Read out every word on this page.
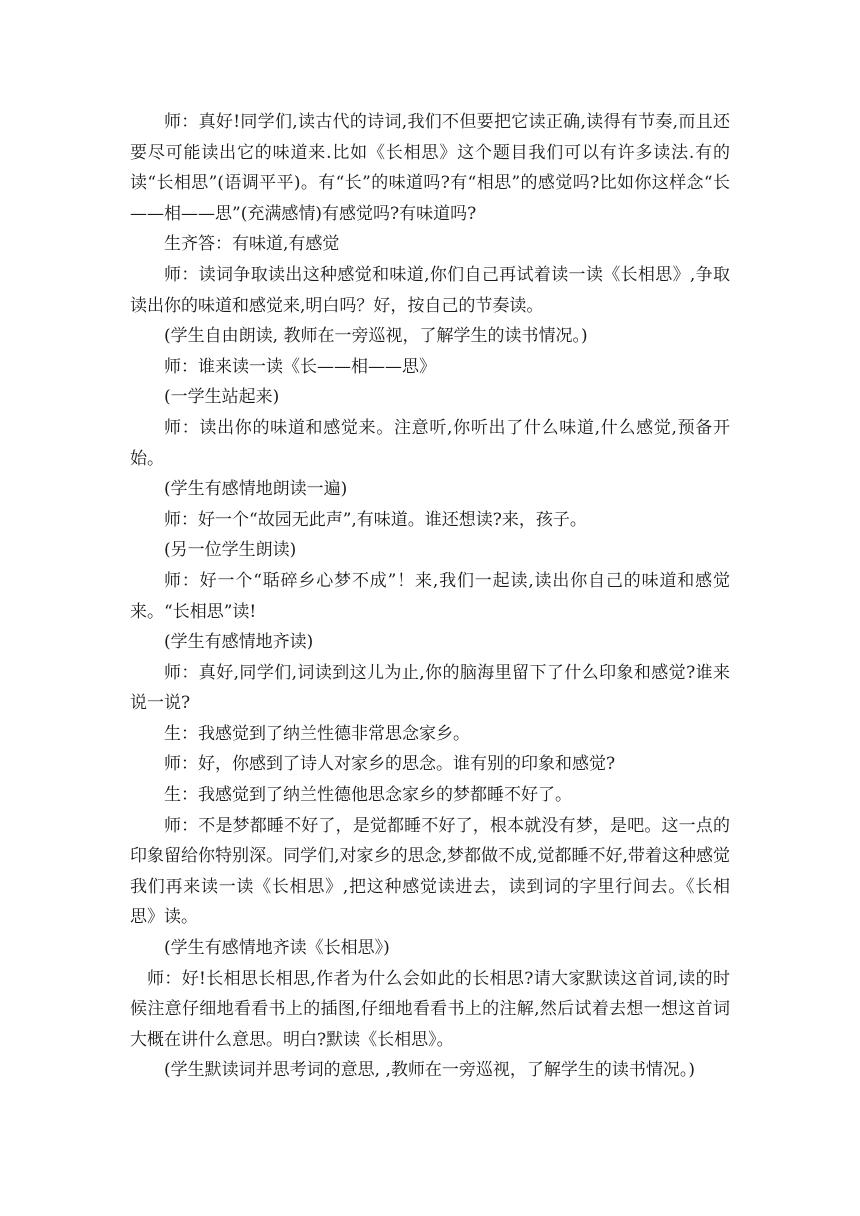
师：真好!同学们,读古代的诗词,我们不但要把它读正确,读得有节奏,而且还要尽可能读出它的味道来.比如《长相思》这个题目我们可以有许多读法.有的读“长相思”(语调平平)。有“长”的味道吗?有“相思”的感觉吗?比如你这样念“长——相——思”(充满感情)有感觉吗?有味道吗?

生齐答：有味道,有感觉

师：读词争取读出这种感觉和味道,你们自己再试着读一读《长相思》,争取读出你的味道和感觉来,明白吗？好，按自己的节奏读。

(学生自由朗读, 教师在一旁巡视，了解学生的读书情况。)

师：谁来读一读《长——相——思》

(一学生站起来)

师：读出你的味道和感觉来。注意听,你听出了什么味道,什么感觉,预备开始。

(学生有感情地朗读一遍)

师：好一个“故园无此声”,有味道。谁还想读?来，孩子。

(另一位学生朗读)

师：好一个“聒碎乡心梦不成”！来,我们一起读,读出你自己的味道和感觉来。“长相思”读!

(学生有感情地齐读)

师：真好,同学们,词读到这儿为止,你的脑海里留下了什么印象和感觉?谁来说一说?

生：我感觉到了纳兰性德非常思念家乡。

师：好，你感到了诗人对家乡的思念。谁有别的印象和感觉?

生：我感觉到了纳兰性德他思念家乡的梦都睡不好了。

师：不是梦都睡不好了，是觉都睡不好了，根本就没有梦，是吧。这一点的印象留给你特别深。同学们,对家乡的思念,梦都做不成,觉都睡不好,带着这种感觉我们再来读一读《长相思》,把这种感觉读进去，读到词的字里行间去。《长相思》读。

(学生有感情地齐读《长相思》)

师：好!长相思长相思,作者为什么会如此的长相思?请大家默读这首词,读的时候注意仔细地看看书上的插图,仔细地看看书上的注解,然后试着去想一想这首词大概在讲什么意思。明白?默读《长相思》。

(学生默读词并思考词的意思, ,教师在一旁巡视，了解学生的读书情况。)
